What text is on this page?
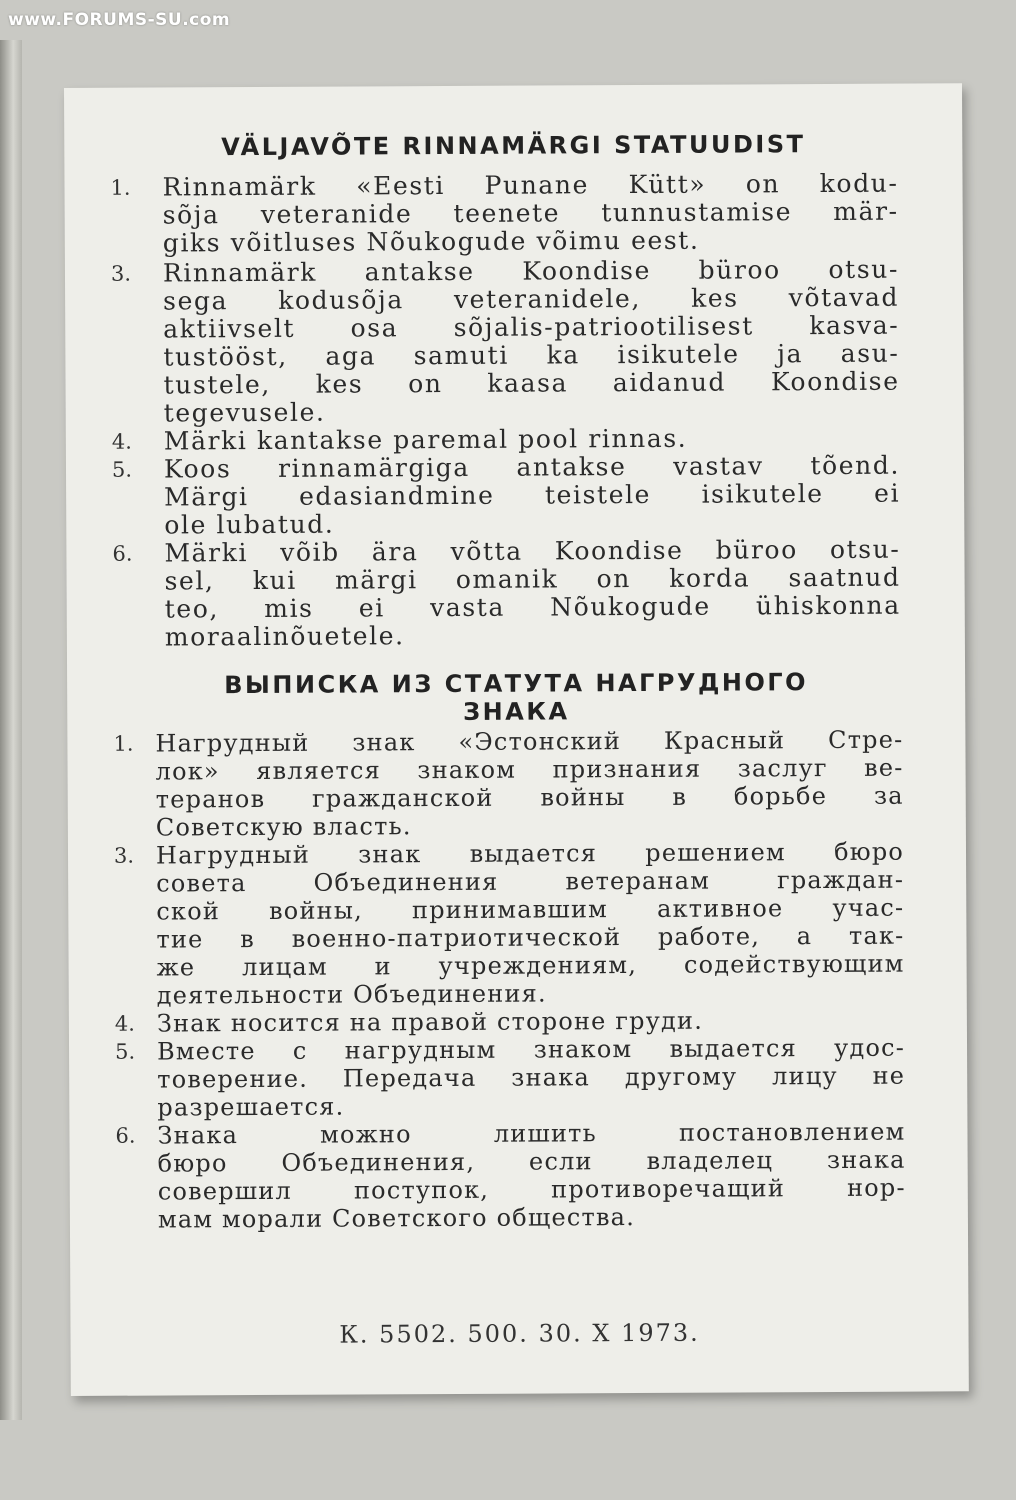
www.FORUMS-SU.com
VÄLJAVÕTE RINNAMÄRGI STATUUDIST
1. Rinnamärk «Eesti Punane Kütt» on kodu-
sõja veteranide teenete tunnustamise mär-
giks võitluses Nõukogude võimu eest.
3. Rinnamärk antakse Koondise büroo otsu-
sega kodusõja veteranidele, kes võtavad
aktiivselt osa sõjalis-patriootilisest kasva-
tustööst, aga samuti ka isikutele ja asu-
tustele, kes on kaasa aidanud Koondise
tegevusele.
4. Märki kantakse paremal pool rinnas.
5. Koos rinnamärgiga antakse vastav tõend.
Märgi edasiandmine teistele isikutele ei
ole lubatud.
6. Märki võib ära võtta Koondise büroo otsu-
sel, kui märgi omanik on korda saatnud
teo, mis ei vasta Nõukogude ühiskonna
moraalinõuetele.
ВЫПИСКА ИЗ СТАТУТА НАГРУДНОГО
ЗНАКА
1. Нагрудный знак «Эстонский Красный Стре-
лок» является знаком признания заслуг ве-
теранов гражданской войны в борьбе за
Советскую власть.
3. Нагрудный знак выдается решением бюро
совета Объединения ветеранам граждан-
ской войны, принимавшим активное учас-
тие в военно-патриотической работе, а так-
же лицам и учреждениям, содействующим
деятельности Объединения.
4. Знак носится на правой стороне груди.
5. Вместе с нагрудным знаком выдается удос-
товерение. Передача знака другому лицу не
разрешается.
6. Знака можно лишить постановлением
бюро Объединения, если владелец знака
совершил поступок, противоречащий нор-
мам морали Советского общества.
К. 5502. 500. 30. Х 1973.
